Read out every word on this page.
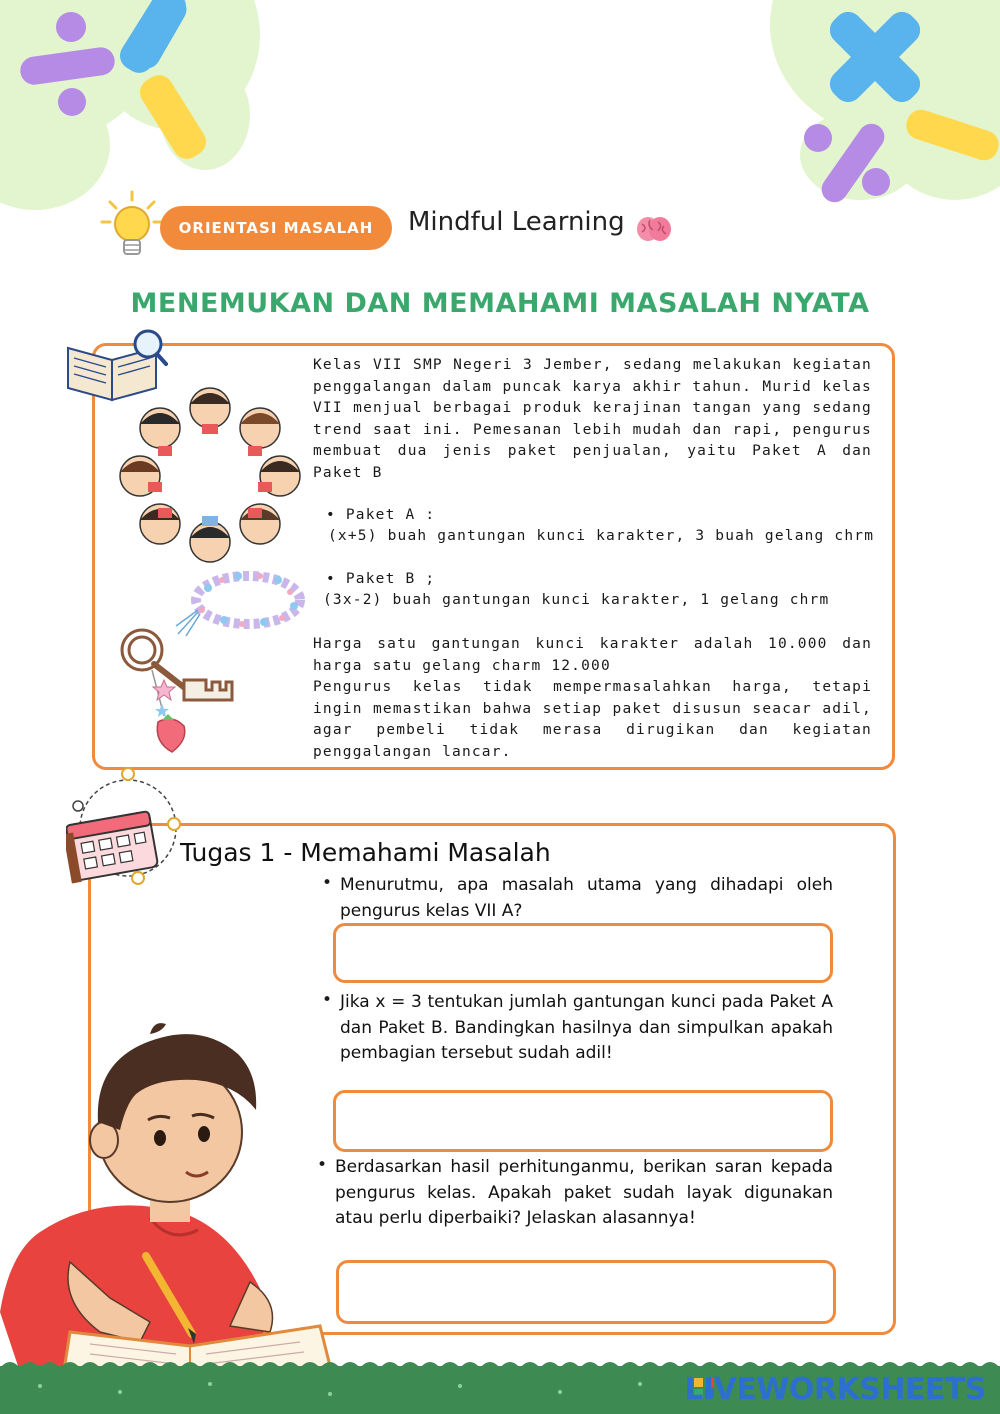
ORIENTASI MASALAH	Mindful Learning
MENEMUKAN DAN MEMAHAMI MASALAH NYATA
Kelas VII SMP Negeri 3 Jember, sedang melakukan kegiatan penggalangan dalam puncak karya akhir tahun. Murid kelas VII menjual berbagai produk kerajinan tangan yang sedang trend saat ini. Pemesanan lebih mudah dan rapi, pengurus membuat dua jenis paket penjualan, yaitu Paket A dan Paket B
• Paket A :
(x+5) buah gantungan kunci karakter, 3 buah gelang chrm
• Paket B ;
(3x-2) buah gantungan kunci karakter, 1 gelang chrm
Harga satu gantungan kunci karakter adalah 10.000 dan harga satu gelang charm 12.000
Pengurus kelas tidak mempermasalahkan harga, tetapi ingin memastikan bahwa setiap paket disusun seacar adil, agar pembeli tidak merasa dirugikan dan kegiatan penggalangan lancar.
Tugas 1 - Memahami Masalah
• Menurutmu, apa masalah utama yang dihadapi oleh pengurus kelas VII A?
• Jika x = 3 tentukan jumlah gantungan kunci pada Paket A dan Paket B. Bandingkan hasilnya dan simpulkan apakah pembagian tersebut sudah adil!
• Berdasarkan hasil perhitunganmu, berikan saran kepada pengurus kelas. Apakah paket sudah layak digunakan atau perlu diperbaiki? Jelaskan alasannya!
LIVEWORKSHEETS
